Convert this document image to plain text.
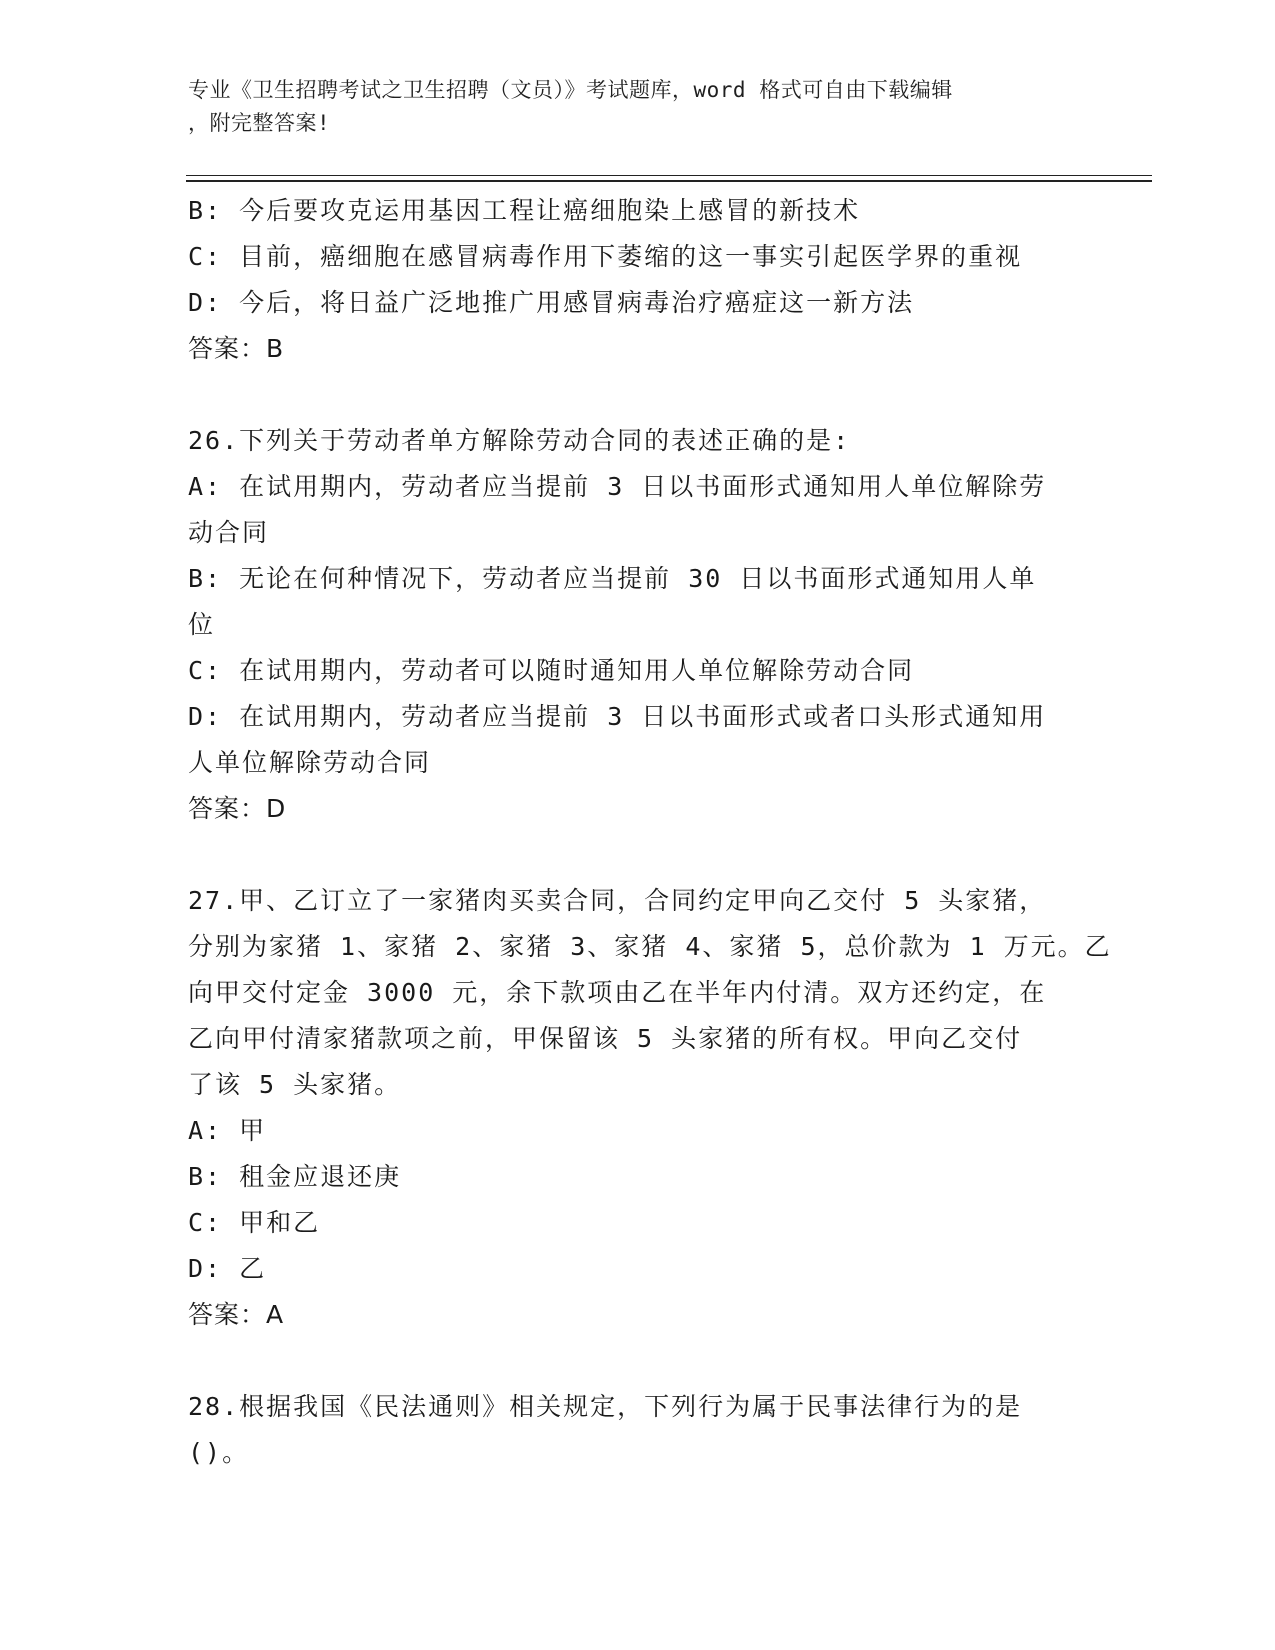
专业《卫生招聘考试之卫生招聘（文员）》考试题库，word 格式可自由下载编辑
，附完整答案!
B: 今后要攻克运用基因工程让癌细胞染上感冒的新技术
C: 目前，癌细胞在感冒病毒作用下萎缩的这一事实引起医学界的重视
D: 今后，将日益广泛地推广用感冒病毒治疗癌症这一新方法
答案：B
26.下列关于劳动者单方解除劳动合同的表述正确的是:
A: 在试用期内，劳动者应当提前 3 日以书面形式通知用人单位解除劳
动合同
B: 无论在何种情况下，劳动者应当提前 30 日以书面形式通知用人单
位
C: 在试用期内，劳动者可以随时通知用人单位解除劳动合同
D: 在试用期内，劳动者应当提前 3 日以书面形式或者口头形式通知用
人单位解除劳动合同
答案：D
27.甲、乙订立了一家猪肉买卖合同，合同约定甲向乙交付 5 头家猪，
分别为家猪 1、家猪 2、家猪 3、家猪 4、家猪 5，总价款为 1 万元。乙
向甲交付定金 3000 元，余下款项由乙在半年内付清。双方还约定，在
乙向甲付清家猪款项之前，甲保留该 5 头家猪的所有权。甲向乙交付
了该 5 头家猪。
A: 甲
B: 租金应退还庚
C: 甲和乙
D: 乙
答案：A
28.根据我国《民法通则》相关规定，下列行为属于民事法律行为的是
()。
